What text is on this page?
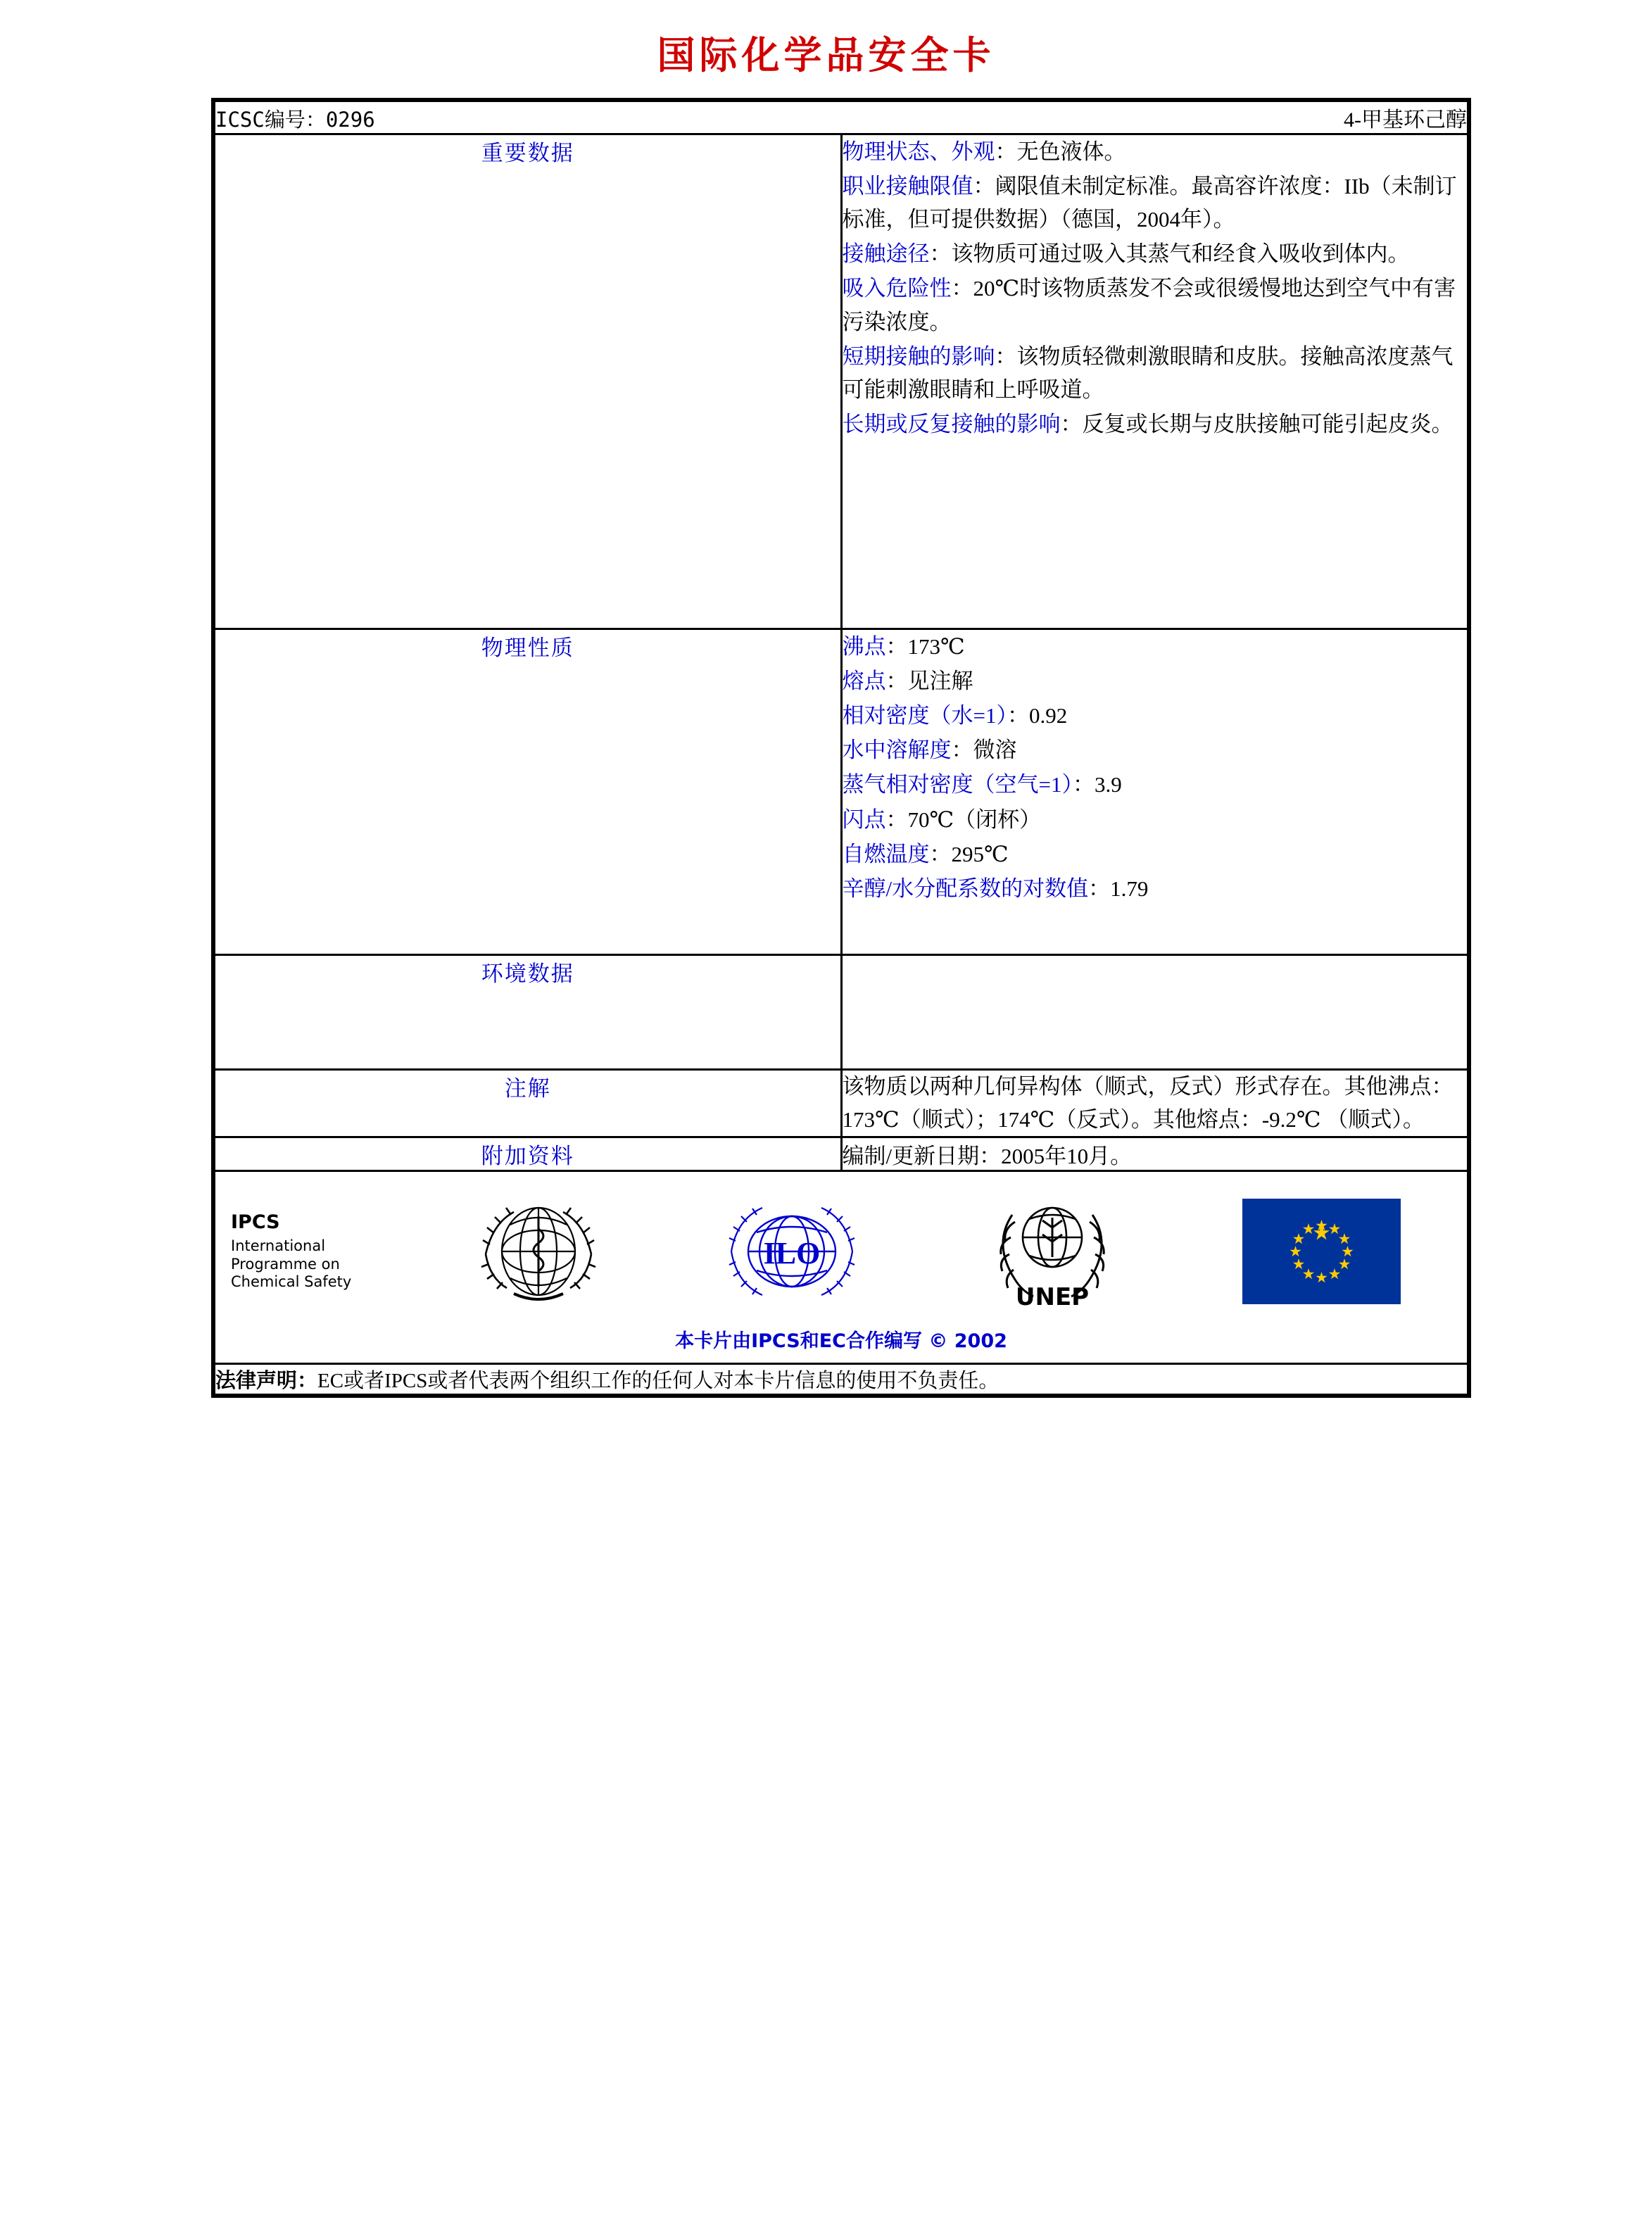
国际化学品安全卡
ICSC编号：0296 4-甲基环己醇	

重要数据	物理状态、外观：无色液体。

职业接触限值：阈限值未制定标准。最高容许浓度：IIb（未制订标准，但可提供数据）（德国，2004年）。

接触途径：该物质可通过吸入其蒸气和经食入吸收到体内。

吸入危险性：20℃时该物质蒸发不会或很缓慢地达到空气中有害污染浓度。

短期接触的影响：该物质轻微刺激眼睛和皮肤。接触高浓度蒸气可能刺激眼睛和上呼吸道。

长期或反复接触的影响：反复或长期与皮肤接触可能引起皮炎。

物理性质	沸点：173℃

熔点：见注解

相对密度（水=1）：0.92

水中溶解度：微溶

蒸气相对密度（空气=1）：3.9

闪点：70℃（闭杯）

自燃温度：295℃

辛醇/水分配系数的对数值：1.79

环境数据	
注解	该物质以两种几何异构体（顺式，反式）形式存在。其他沸点：173℃（顺式）；174℃（反式）。其他熔点：-9.2℃ （顺式）。
附加资料	编制/更新日期：2005年10月。

IPCS
International
Programme on
Chemical Safety
ILO
UNEP
本卡片由IPCS和EC合作编写 © 2002

法律声明：EC或者IPCS或者代表两个组织工作的任何人对本卡片信息的使用不负责任。	
